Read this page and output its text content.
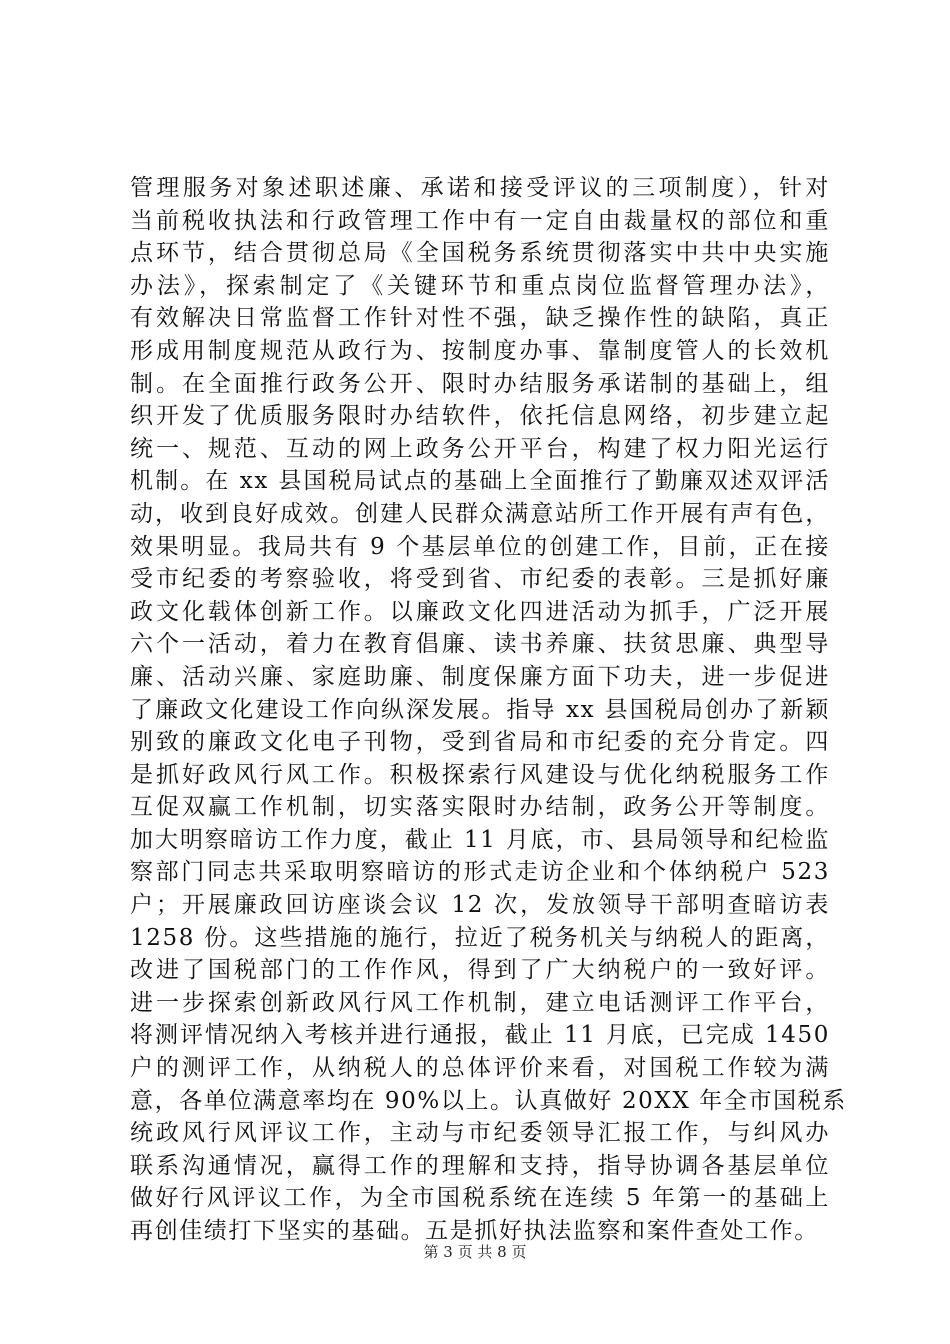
管理服务对象述职述廉、承诺和接受评议的三项制度），针对
当前税收执法和行政管理工作中有一定自由裁量权的部位和重
点环节，结合贯彻总局《全国税务系统贯彻落实中共中央实施
办法》，探索制定了《关键环节和重点岗位监督管理办法》，
有效解决日常监督工作针对性不强，缺乏操作性的缺陷，真正
形成用制度规范从政行为、按制度办事、靠制度管人的长效机
制。在全面推行政务公开、限时办结服务承诺制的基础上，组
织开发了优质服务限时办结软件，依托信息网络，初步建立起
统一、规范、互动的网上政务公开平台，构建了权力阳光运行
机制。在 xx 县国税局试点的基础上全面推行了勤廉双述双评活
动，收到良好成效。创建人民群众满意站所工作开展有声有色，
效果明显。我局共有 9 个基层单位的创建工作，目前，正在接
受市纪委的考察验收，将受到省、市纪委的表彰。三是抓好廉
政文化载体创新工作。以廉政文化四进活动为抓手，广泛开展
六个一活动，着力在教育倡廉、读书养廉、扶贫思廉、典型导
廉、活动兴廉、家庭助廉、制度保廉方面下功夫，进一步促进
了廉政文化建设工作向纵深发展。指导 xx 县国税局创办了新颖
别致的廉政文化电子刊物，受到省局和市纪委的充分肯定。四
是抓好政风行风工作。积极探索行风建设与优化纳税服务工作
互促双赢工作机制，切实落实限时办结制，政务公开等制度。
加大明察暗访工作力度，截止 11 月底，市、县局领导和纪检监
察部门同志共采取明察暗访的形式走访企业和个体纳税户 523
户；开展廉政回访座谈会议 12 次，发放领导干部明查暗访表
1258 份。这些措施的施行，拉近了税务机关与纳税人的距离，
改进了国税部门的工作作风，得到了广大纳税户的一致好评。
进一步探索创新政风行风工作机制，建立电话测评工作平台，
将测评情况纳入考核并进行通报，截止 11 月底，已完成 1450
户的测评工作，从纳税人的总体评价来看，对国税工作较为满
意，各单位满意率均在 90%以上。认真做好 20XX 年全市国税系
统政风行风评议工作，主动与市纪委领导汇报工作，与纠风办
联系沟通情况，赢得工作的理解和支持，指导协调各基层单位
做好行风评议工作，为全市国税系统在连续 5 年第一的基础上
再创佳绩打下坚实的基础。五是抓好执法监察和案件查处工作。
第 3 页 共 8 页
